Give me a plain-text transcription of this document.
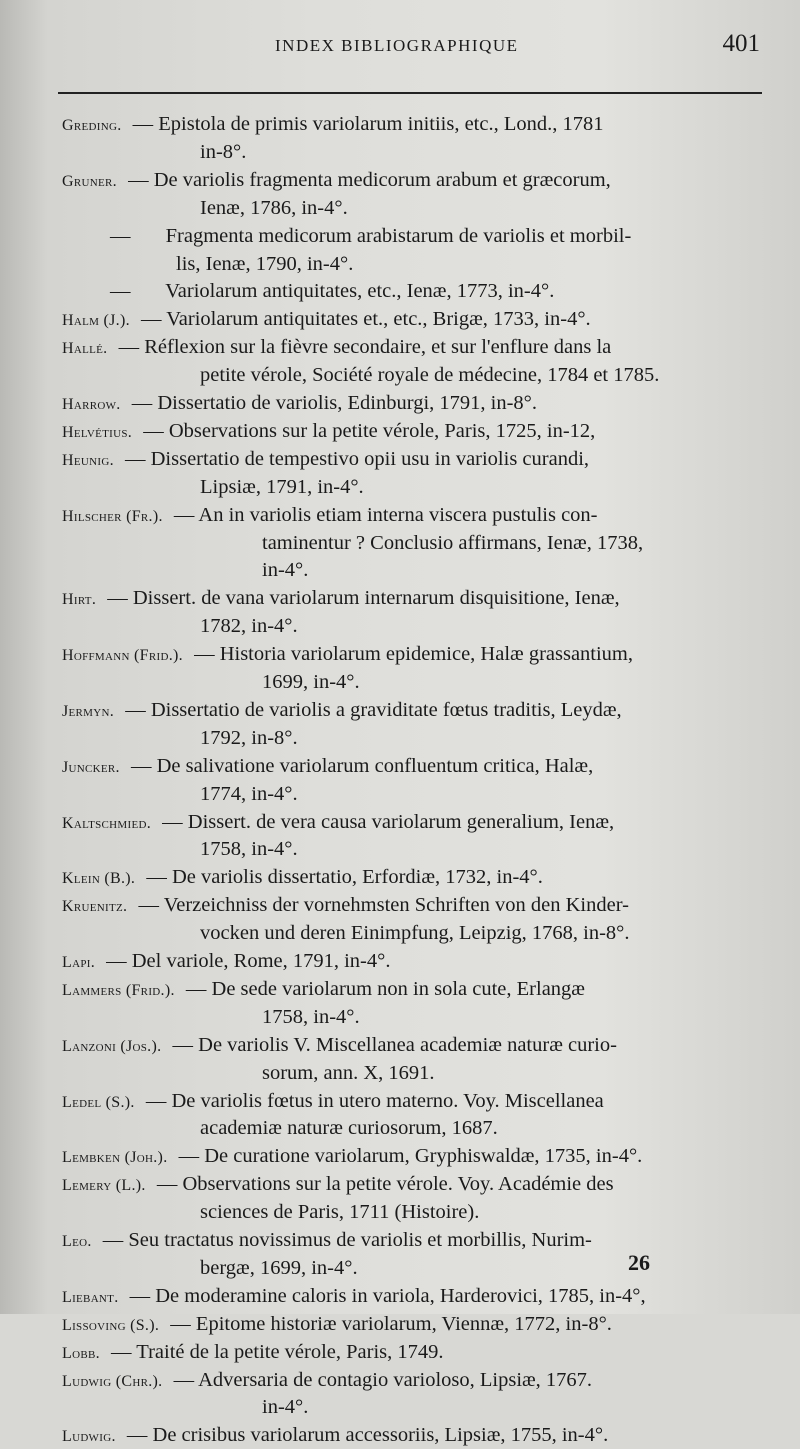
INDEX BIBLIOGRAPHIQUE	401
Greding. — Epistola de primis variolarum initiis, etc., Lond., 1781
in-8°.
Gruner. — De variolis fragmenta medicorum arabum et græcorum,
Ienæ, 1786, in-4°.
— Fragmenta medicorum arabistarum de variolis et morbil-
lis, Ienæ, 1790, in-4°.
— Variolarum antiquitates, etc., Ienæ, 1773, in-4°.
Halm (J.). — Variolarum antiquitates et., etc., Brigæ, 1733, in-4°.
Hallé. — Réflexion sur la fièvre secondaire, et sur l'enflure dans la
petite vérole, Société royale de médecine, 1784 et 1785.
Harrow. — Dissertatio de variolis, Edinburgi, 1791, in-8°.
Helvétius. — Observations sur la petite vérole, Paris, 1725, in-12,
Heunig. — Dissertatio de tempestivo opii usu in variolis curandi,
Lipsiæ, 1791, in-4°.
Hilscher (Fr.). — An in variolis etiam interna viscera pustulis con-
taminentur ? Conclusio affirmans, Ienæ, 1738,
in-4°.
Hirt. — Dissert. de vana variolarum internarum disquisitione, Ienæ,
1782, in-4°.
Hoffmann (Frid.). — Historia variolarum epidemice, Halæ grassantium,
1699, in-4°.
Jermyn. — Dissertatio de variolis a graviditate fœtus traditis, Leydæ,
1792, in-8°.
Juncker. — De salivatione variolarum confluentum critica, Halæ,
1774, in-4°.
Kaltschmied. — Dissert. de vera causa variolarum generalium, Ienæ,
1758, in-4°.
Klein (B.). — De variolis dissertatio, Erfordiæ, 1732, in-4°.
Kruenitz. — Verzeichniss der vornehmsten Schriften von den Kinder-
vocken und deren Einimpfung, Leipzig, 1768, in-8°.
Lapi. — Del variole, Rome, 1791, in-4°.
Lammers (Frid.). — De sede variolarum non in sola cute, Erlangæ
1758, in-4°.
Lanzoni (Jos.). — De variolis V. Miscellanea academiæ naturæ curio-
sorum, ann. X, 1691.
Ledel (S.). — De variolis fœtus in utero materno. Voy. Miscellanea
academiæ naturæ curiosorum, 1687.
Lembken (Joh.). — De curatione variolarum, Gryphiswaldæ, 1735, in-4°.
Lemery (L.). — Observations sur la petite vérole. Voy. Académie des
sciences de Paris, 1711 (Histoire).
Leo. — Seu tractatus novissimus de variolis et morbillis, Nurim-
bergæ, 1699, in-4°.
Liebant. — De moderamine caloris in variola, Harderovici, 1785, in-4°,
Lissoving (S.). — Epitome historiæ variolarum, Viennæ, 1772, in-8°.
Lobb. — Traité de la petite vérole, Paris, 1749.
Ludwig (Chr.). — Adversaria de contagio varioloso, Lipsiæ, 1767.
in-4°.
Ludwig. — De crisibus variolarum accessoriis, Lipsiæ, 1755, in-4°.
26
